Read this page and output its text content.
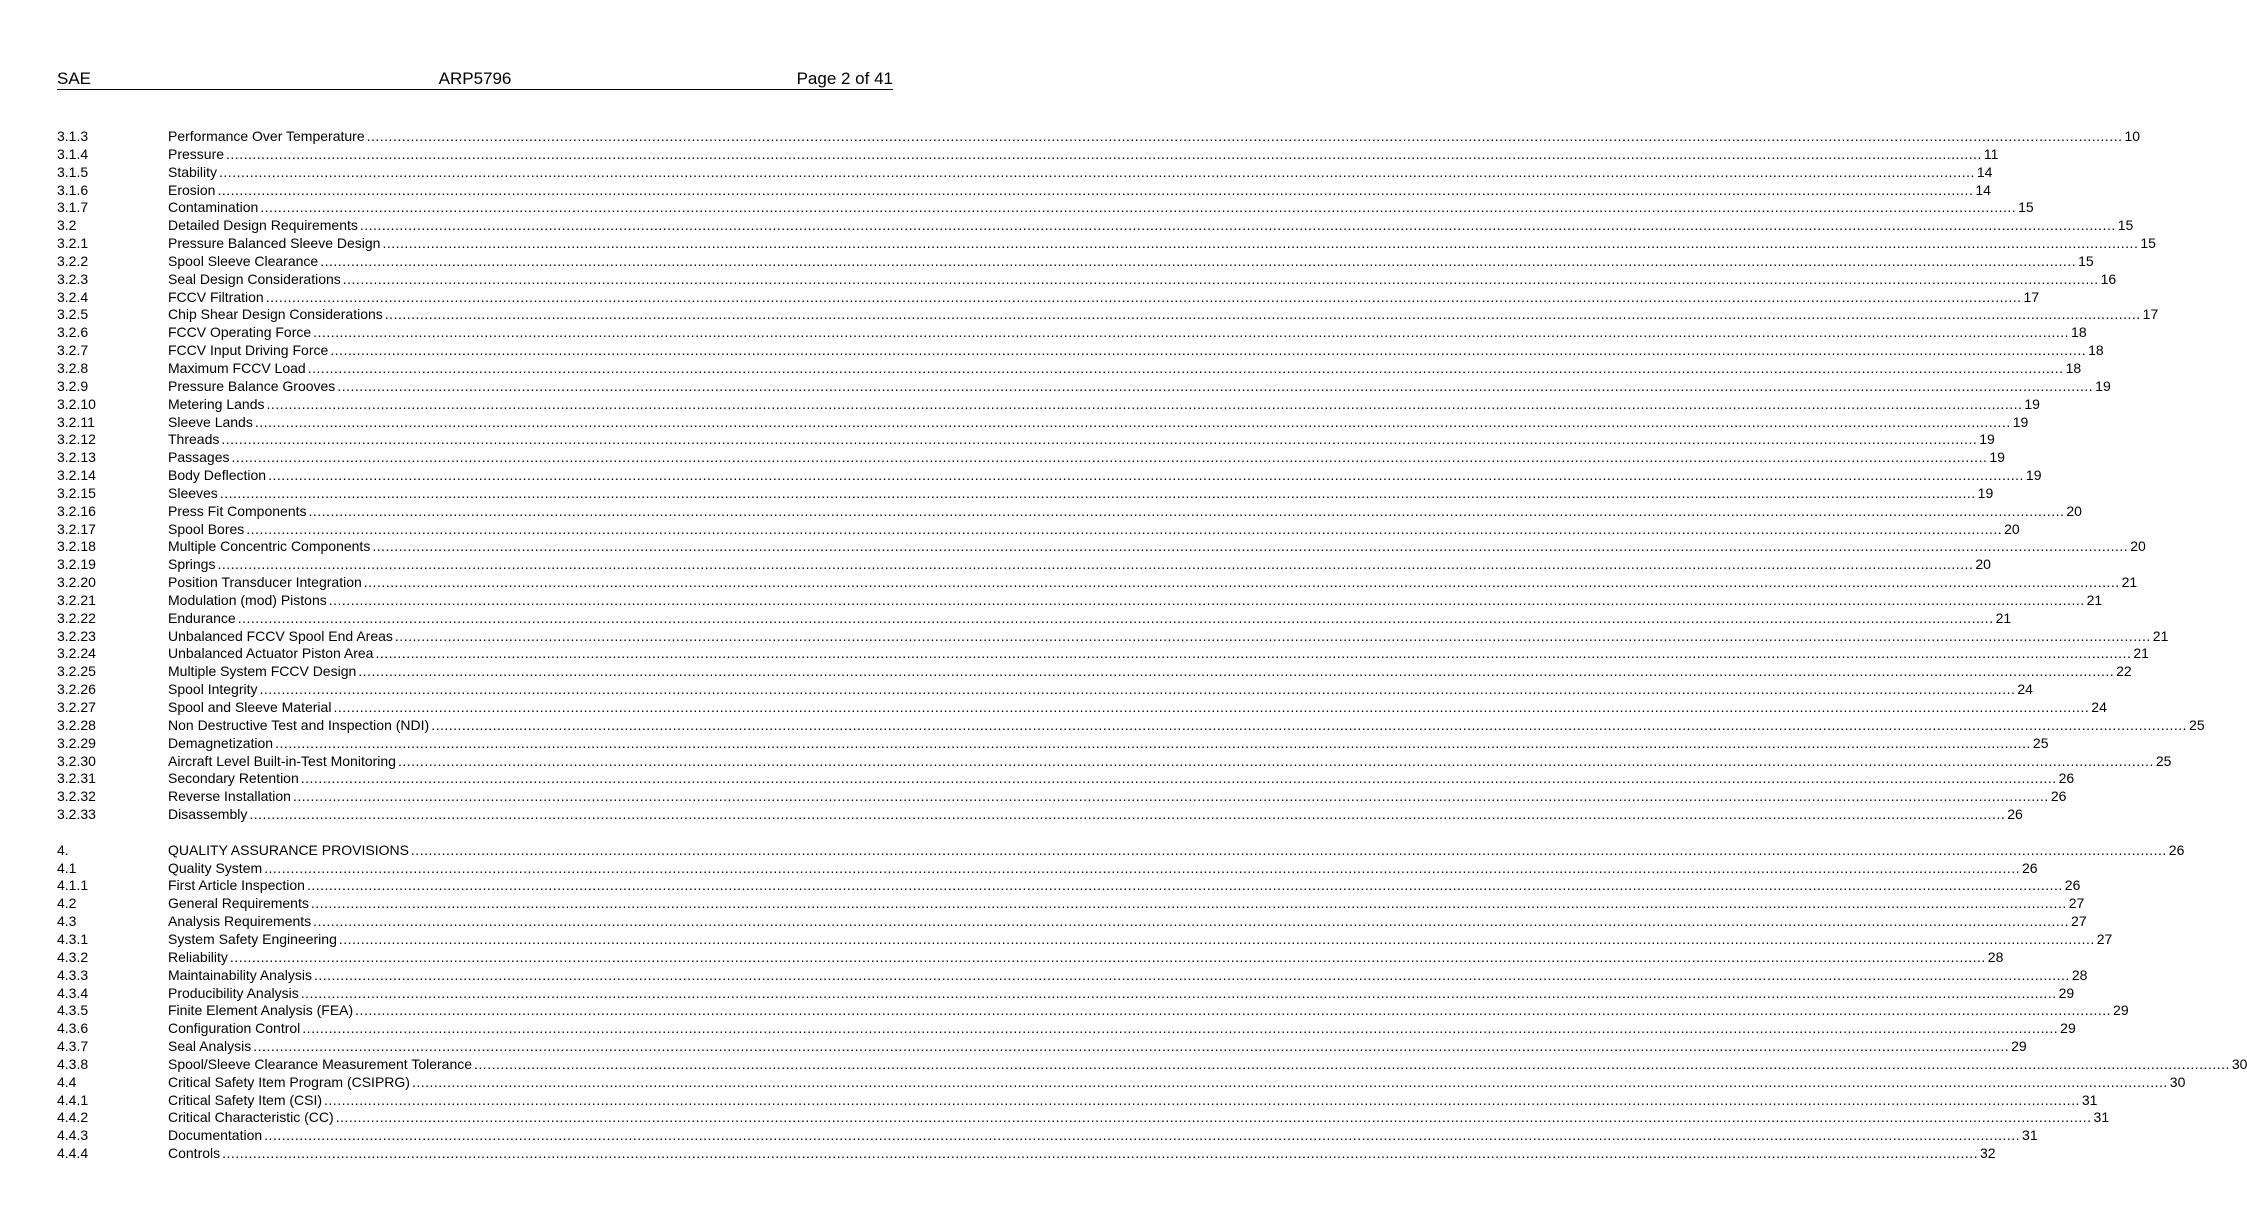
SAE	ARP5796	Page 2 of 41
3.1.3	Performance Over Temperature ................................................................................................................................................................................................................................................................................................................................................................................................................ 10
3.1.4	Pressure ................................................................................................................................................................................................................................................................................................................................................................................................................ 11
3.1.5	Stability ................................................................................................................................................................................................................................................................................................................................................................................................................ 14
3.1.6	Erosion ................................................................................................................................................................................................................................................................................................................................................................................................................ 14
3.1.7	Contamination ................................................................................................................................................................................................................................................................................................................................................................................................................ 15
3.2	Detailed Design Requirements ................................................................................................................................................................................................................................................................................................................................................................................................................ 15
3.2.1	Pressure Balanced Sleeve Design ................................................................................................................................................................................................................................................................................................................................................................................................................ 15
3.2.2	Spool Sleeve Clearance ................................................................................................................................................................................................................................................................................................................................................................................................................ 15
3.2.3	Seal Design Considerations ................................................................................................................................................................................................................................................................................................................................................................................................................ 16
3.2.4	FCCV Filtration ................................................................................................................................................................................................................................................................................................................................................................................................................ 17
3.2.5	Chip Shear Design Considerations ................................................................................................................................................................................................................................................................................................................................................................................................................ 17
3.2.6	FCCV Operating Force ................................................................................................................................................................................................................................................................................................................................................................................................................ 18
3.2.7	FCCV Input Driving Force ................................................................................................................................................................................................................................................................................................................................................................................................................ 18
3.2.8	Maximum FCCV Load ................................................................................................................................................................................................................................................................................................................................................................................................................ 18
3.2.9	Pressure Balance Grooves ................................................................................................................................................................................................................................................................................................................................................................................................................ 19
3.2.10	Metering Lands ................................................................................................................................................................................................................................................................................................................................................................................................................ 19
3.2.11	Sleeve Lands ................................................................................................................................................................................................................................................................................................................................................................................................................ 19
3.2.12	Threads ................................................................................................................................................................................................................................................................................................................................................................................................................ 19
3.2.13	Passages ................................................................................................................................................................................................................................................................................................................................................................................................................ 19
3.2.14	Body Deflection ................................................................................................................................................................................................................................................................................................................................................................................................................ 19
3.2.15	Sleeves ................................................................................................................................................................................................................................................................................................................................................................................................................ 19
3.2.16	Press Fit Components ................................................................................................................................................................................................................................................................................................................................................................................................................ 20
3.2.17	Spool Bores ................................................................................................................................................................................................................................................................................................................................................................................................................ 20
3.2.18	Multiple Concentric Components ................................................................................................................................................................................................................................................................................................................................................................................................................ 20
3.2.19	Springs ................................................................................................................................................................................................................................................................................................................................................................................................................ 20
3.2.20	Position Transducer Integration ................................................................................................................................................................................................................................................................................................................................................................................................................ 21
3.2.21	Modulation (mod) Pistons ................................................................................................................................................................................................................................................................................................................................................................................................................ 21
3.2.22	Endurance ................................................................................................................................................................................................................................................................................................................................................................................................................ 21
3.2.23	Unbalanced FCCV Spool End Areas ................................................................................................................................................................................................................................................................................................................................................................................................................ 21
3.2.24	Unbalanced Actuator Piston Area ................................................................................................................................................................................................................................................................................................................................................................................................................ 21
3.2.25	Multiple System FCCV Design ................................................................................................................................................................................................................................................................................................................................................................................................................ 22
3.2.26	Spool Integrity ................................................................................................................................................................................................................................................................................................................................................................................................................ 24
3.2.27	Spool and Sleeve Material ................................................................................................................................................................................................................................................................................................................................................................................................................ 24
3.2.28	Non Destructive Test and Inspection (NDI) ................................................................................................................................................................................................................................................................................................................................................................................................................ 25
3.2.29	Demagnetization ................................................................................................................................................................................................................................................................................................................................................................................................................ 25
3.2.30	Aircraft Level Built-in-Test Monitoring ................................................................................................................................................................................................................................................................................................................................................................................................................ 25
3.2.31	Secondary Retention ................................................................................................................................................................................................................................................................................................................................................................................................................ 26
3.2.32	Reverse Installation ................................................................................................................................................................................................................................................................................................................................................................................................................ 26
3.2.33	Disassembly ................................................................................................................................................................................................................................................................................................................................................................................................................ 26
4.	QUALITY ASSURANCE PROVISIONS ................................................................................................................................................................................................................................................................................................................................................................................................................ 26
4.1	Quality System ................................................................................................................................................................................................................................................................................................................................................................................................................ 26
4.1.1	First Article Inspection ................................................................................................................................................................................................................................................................................................................................................................................................................ 26
4.2	General Requirements ................................................................................................................................................................................................................................................................................................................................................................................................................ 27
4.3	Analysis Requirements ................................................................................................................................................................................................................................................................................................................................................................................................................ 27
4.3.1	System Safety Engineering ................................................................................................................................................................................................................................................................................................................................................................................................................ 27
4.3.2	Reliability ................................................................................................................................................................................................................................................................................................................................................................................................................ 28
4.3.3	Maintainability Analysis ................................................................................................................................................................................................................................................................................................................................................................................................................ 28
4.3.4	Producibility Analysis ................................................................................................................................................................................................................................................................................................................................................................................................................ 29
4.3.5	Finite Element Analysis (FEA) ................................................................................................................................................................................................................................................................................................................................................................................................................ 29
4.3.6	Configuration Control ................................................................................................................................................................................................................................................................................................................................................................................................................ 29
4.3.7	Seal Analysis ................................................................................................................................................................................................................................................................................................................................................................................................................ 29
4.3.8	Spool/Sleeve Clearance Measurement Tolerance ................................................................................................................................................................................................................................................................................................................................................................................................................ 30
4.4	Critical Safety Item Program (CSIPRG) ................................................................................................................................................................................................................................................................................................................................................................................................................ 30
4.4.1	Critical Safety Item (CSI) ................................................................................................................................................................................................................................................................................................................................................................................................................ 31
4.4.2	Critical Characteristic (CC) ................................................................................................................................................................................................................................................................................................................................................................................................................ 31
4.4.3	Documentation ................................................................................................................................................................................................................................................................................................................................................................................................................ 31
4.4.4	Controls ................................................................................................................................................................................................................................................................................................................................................................................................................ 32
